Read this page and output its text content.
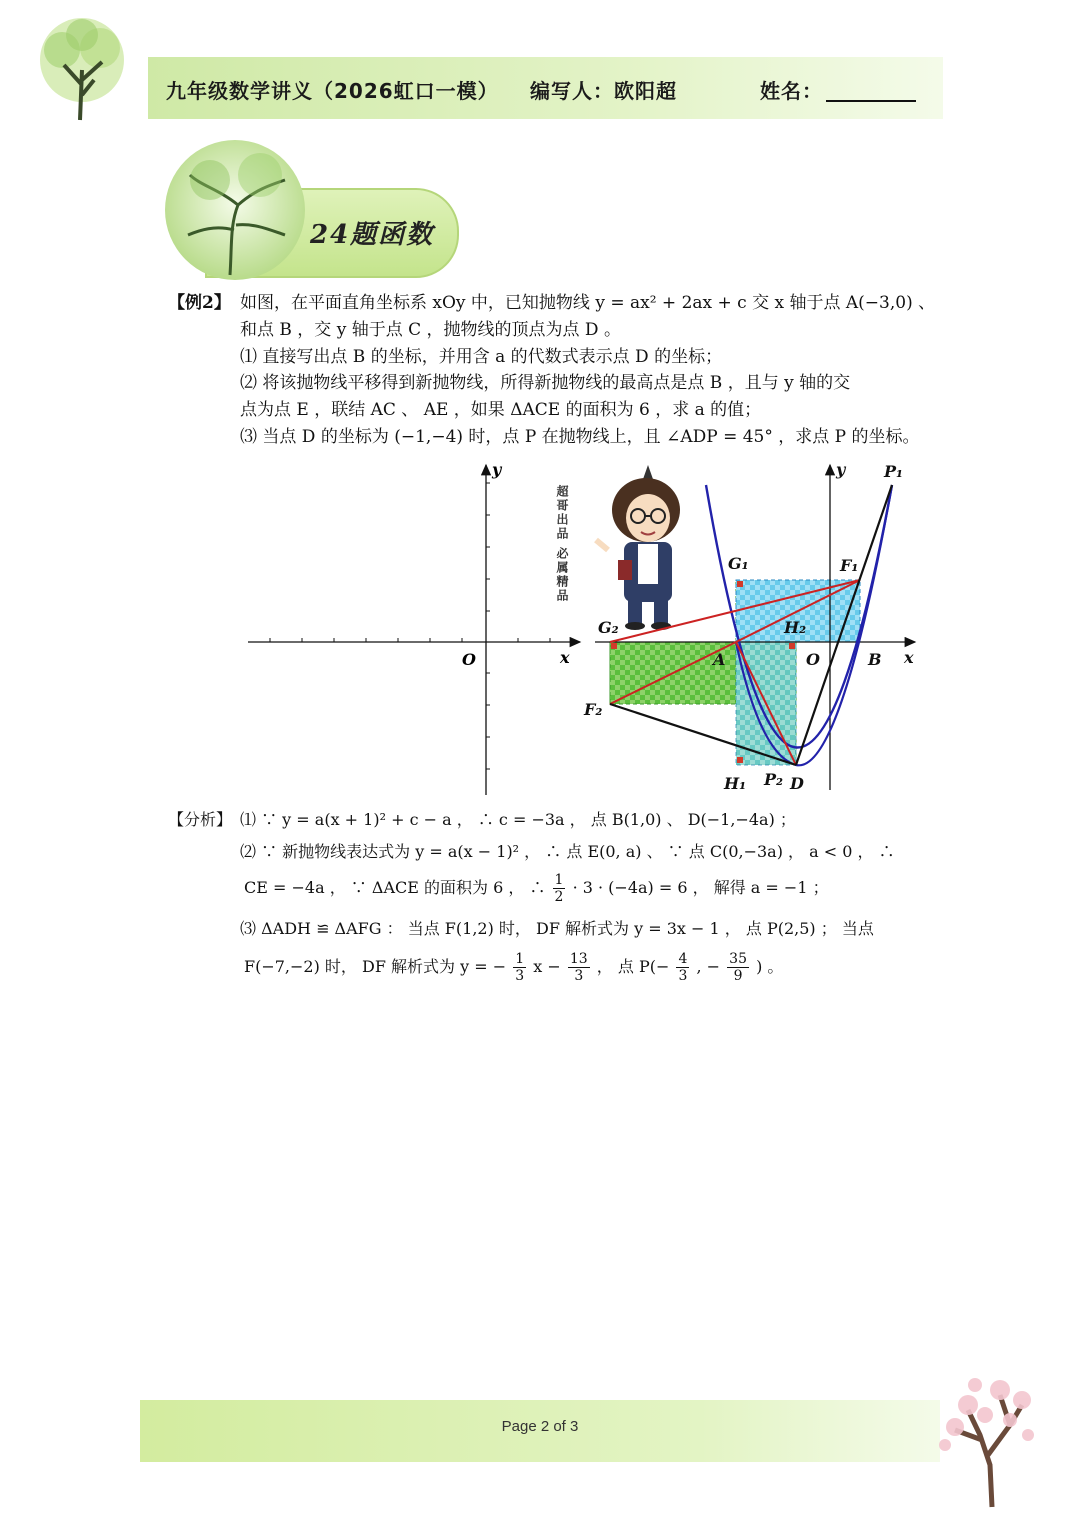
九年级数学讲义（2026虹口一模） 编写人：欧阳超	姓名：
24题函数
【例2】 如图，在平面直角坐标系 xOy 中，已知抛物线 y = ax² + 2ax + c 交 x 轴于点 A(−3,0) 、
和点 B ，交 y 轴于点 C ，抛物线的顶点为点 D 。
⑴ 直接写出点 B 的坐标，并用含 a 的代数式表示点 D 的坐标；
⑵ 将该抛物线平移得到新抛物线，所得新抛物线的最高点是点 B ，且与 y 轴的交
点为点 E ，联结 AC 、 AE ，如果 ΔACE 的面积为 6 ，求 a 的值；
⑶ 当点 D 的坐标为 (−1,−4) 时，点 P 在抛物线上，且 ∠ADP = 45° ，求点 P 的坐标。
y
x
O
超哥出品 必属精品
y
x
O
A	B
D
P₁
P₂
F₁
F₂
G₁
G₂
H₁
H₂
【分析】 ⑴ ∵ y = a(x + 1)² + c − a ， ∴ c = −3a ， 点 B(1,0) 、 D(−1,−4a) ；
⑵ ∵ 新抛物线表达式为 y = a(x − 1)² ， ∴ 点 E(0, a) 、 ∵ 点 C(0,−3a) ， a < 0 ， ∴
CE = −4a ， ∵ ΔACE 的面积为 6 ， ∴ $\frac{1}{2} \cdot 3 \cdot (-4a) = 6$ ， 解得 a = −1 ；
⑶ ΔADH ≌ ΔAFG ： 当点 F(1,2) 时， DF 解析式为 y = 3x − 1 ， 点 P(2,5) ； 当点
F(−7,−2) 时， DF 解析式为 y = − $\frac{1}{3}$ $x - \frac{13}{3}$ ， 点 $P(- \frac{4}{3}$ , − $\frac{35}{9}$ ) 。
Page 2 of 3
